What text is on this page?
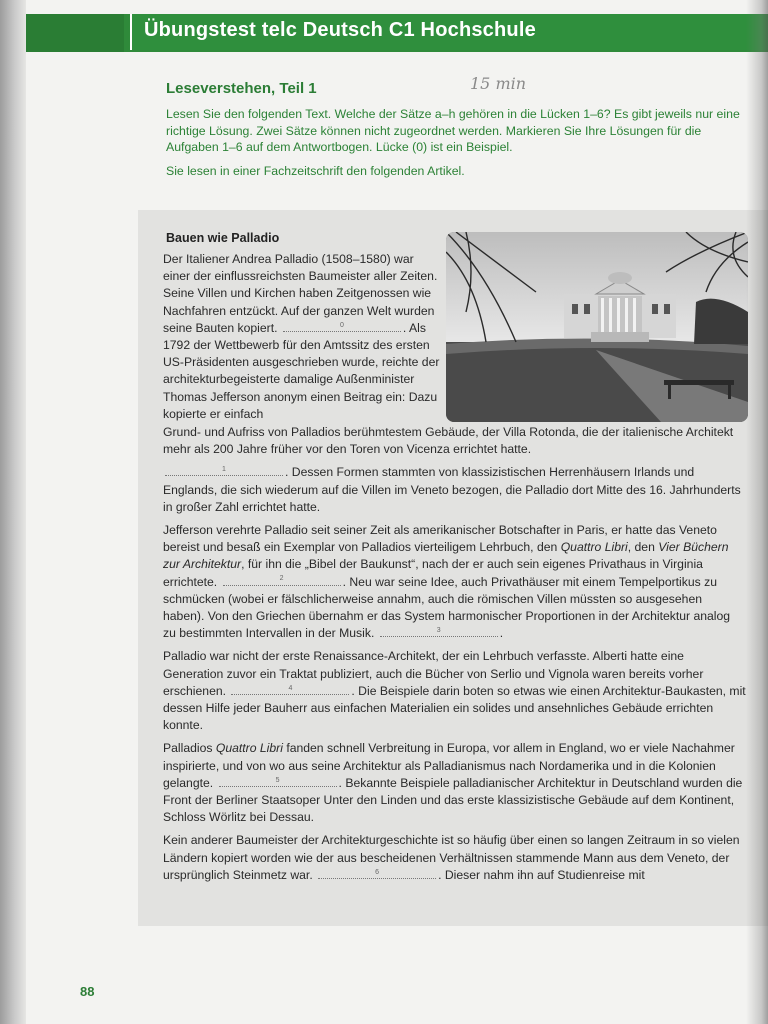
Übungstest telc Deutsch C1 Hochschule
Leseverstehen, Teil 1	15 min
Lesen Sie den folgenden Text. Welche der Sätze a–h gehören in die Lücken 1–6? Es gibt jeweils nur eine richtige Lösung. Zwei Sätze können nicht zugeordnet werden. Markieren Sie Ihre Lösungen für die Aufgaben 1–6 auf dem Antwortbogen. Lücke (0) ist ein Beispiel.
Sie lesen in einer Fachzeitschrift den folgenden Artikel.
Bauen wie Palladio
Der Italiener Andrea Palladio (1508–1580) war einer der einflussreichsten Baumeister aller Zeiten. Seine Villen und Kirchen haben Zeitgenossen wie Nachfahren entzückt. Auf der ganzen Welt wurden seine Bauten kopiert.	0	. Als 1792 der Wettbewerb für den Amtssitz des ersten US-Präsidenten ausgeschrieben wurde, reichte der architekturbegeisterte damalige Außenminister Thomas Jefferson anonym einen Beitrag ein: Dazu kopierte er einfach

Grund- und Aufriss von Palladios berühmtestem Gebäude, der Villa Rotonda, die der italienische Architekt mehr als 200 Jahre früher vor den Toren von Vicenza errichtet hatte.

1	. Dessen Formen stammten von klassizistischen Herrenhäusern Irlands und Englands, die sich wiederum auf die Villen im Veneto bezogen, die Palladio dort Mitte des 16. Jahrhunderts in großer Zahl errichtet hatte.

Jefferson verehrte Palladio seit seiner Zeit als amerikanischer Botschafter in Paris, er hatte das Veneto bereist und besaß ein Exemplar von Palladios vierteiligem Lehrbuch, den Quattro Libri, den Vier Büchern zur Architektur, für ihn die „Bibel der Baukunst“, nach der er auch sein eigenes Privathaus in Virginia errichtete.	2	. Neu war seine Idee, auch Privathäuser mit einem Tempelportikus zu schmücken (wobei er fälschlicherweise annahm, auch die römischen Villen müssten so ausgesehen haben). Von den Griechen übernahm er das System harmonischer Proportionen in der Architektur analog zu bestimmten Intervallen in der Musik.	3	.

Palladio war nicht der erste Renaissance-Architekt, der ein Lehrbuch verfasste. Alberti hatte eine Generation zuvor ein Traktat publiziert, auch die Bücher von Serlio und Vignola waren bereits vorher erschienen.	4	. Die Beispiele darin boten so etwas wie einen Architektur-Baukasten, mit dessen Hilfe jeder Bauherr aus einfachen Materialien ein solides und ansehnliches Gebäude errichten konnte.

Palladios Quattro Libri fanden schnell Verbreitung in Europa, vor allem in England, wo er viele Nachahmer inspirierte, und von wo aus seine Architektur als Palladianismus nach Nordamerika und in die Kolonien gelangte.	5	. Bekannte Beispiele palladianischer Architektur in Deutschland wurden die Front der Berliner Staatsoper Unter den Linden und das erste klassizistische Gebäude auf dem Kontinent, Schloss Wörlitz bei Dessau.

Kein anderer Baumeister der Architekturgeschichte ist so häufig über einen so langen Zeitraum in so vielen Ländern kopiert worden wie der aus bescheidenen Verhältnissen stammende Mann aus dem Veneto, der ursprünglich Steinmetz war.	6	. Dieser nahm ihn auf Studienreise mit

88
